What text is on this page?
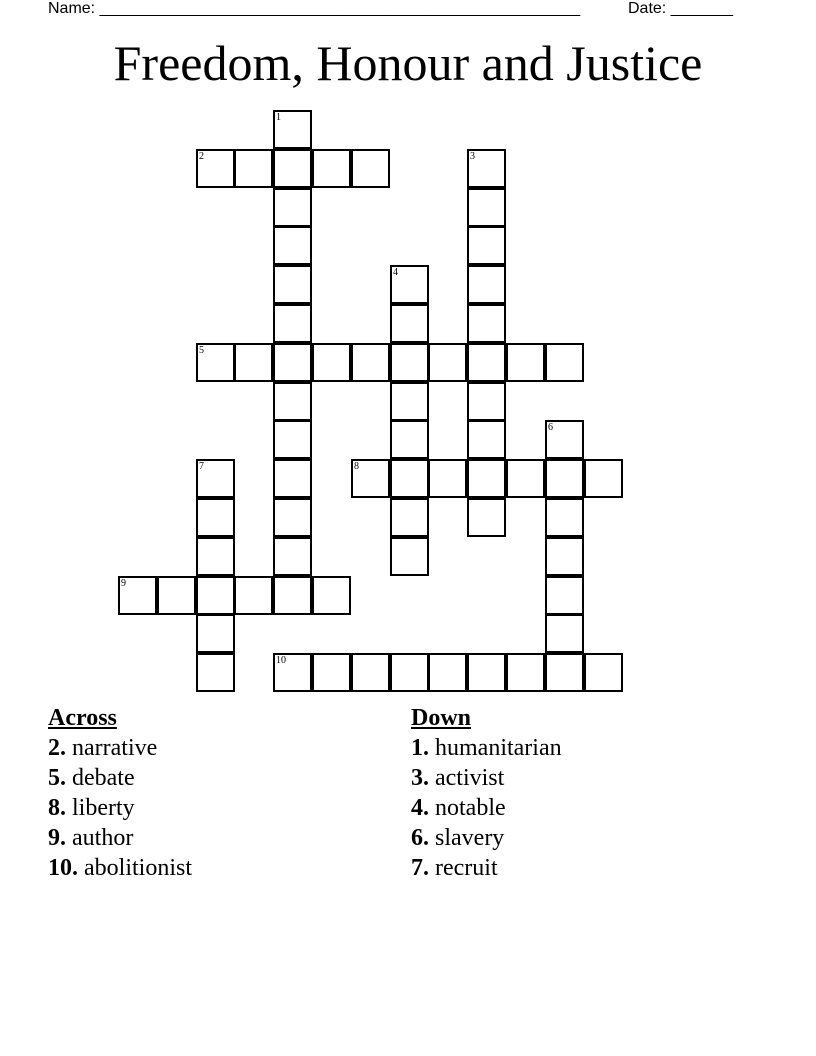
Name: ______________________________________________________	Date: _______
Freedom, Honour and Justice
1
2	3
4
5
6
7	8
9
10
Across
2. narrative
5. debate
8. liberty
9. author
10. abolitionist
Down
1. humanitarian
3. activist
4. notable
6. slavery
7. recruit
